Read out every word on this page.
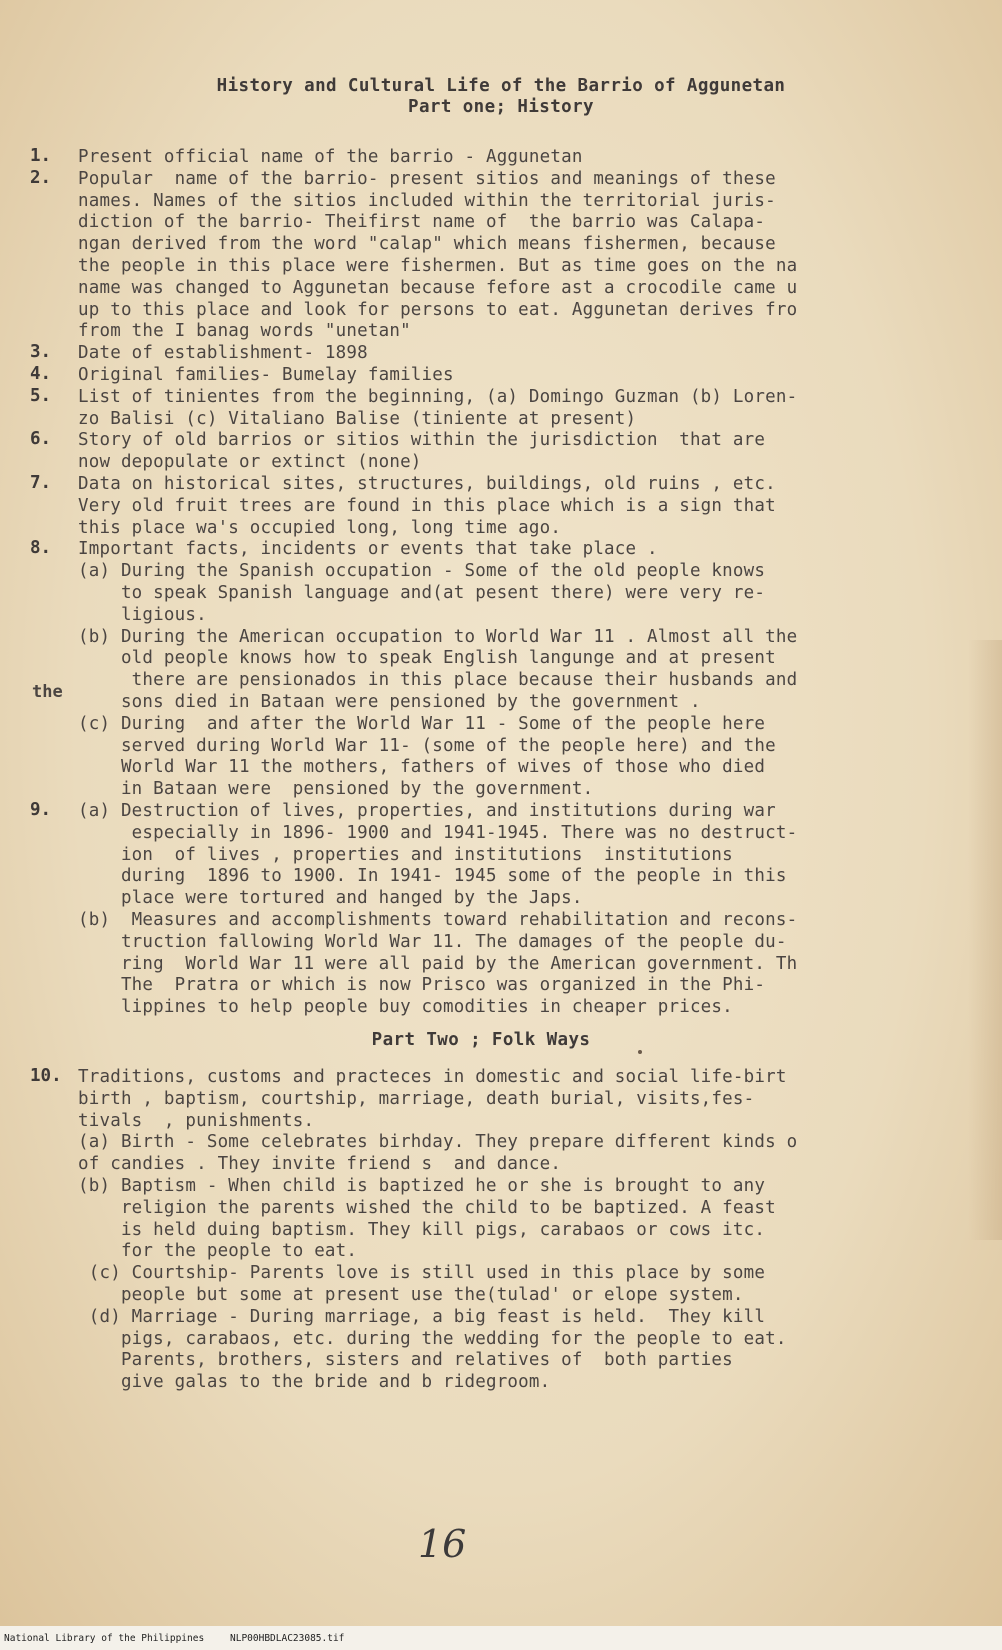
History and Cultural Life of the Barrio of Aggunetan
Part one; History
1. Present official name of the barrio - Aggunetan
2. Popular  name of the barrio- present sitios and meanings of these
names. Names of the sitios included within the territorial juris-
diction of the barrio- Theifirst name of  the barrio was Calapa-
ngan derived from the word "calap" which means fishermen, because
the people in this place were fishermen. But as time goes on the na
name was changed to Aggunetan because fefore ast a crocodile came u
up to this place and look for persons to eat. Aggunetan derives fro
from the I banag words "unetan"
3. Date of establishment- 1898
4. Original families- Bumelay families
5. List of tinientes from the beginning, (a) Domingo Guzman (b) Loren-
zo Balisi (c) Vitaliano Balise (tiniente at present)
6. Story of old barrios or sitios within the jurisdiction  that are
now depopulate or extinct (none)
7. Data on historical sites, structures, buildings, old ruins , etc.
Very old fruit trees are found in this place which is a sign that
this place wa's occupied long, long time ago.
8. Important facts, incidents or events that take place .
(a) During the Spanish occupation - Some of the old people knows
to speak Spanish language and(at pesent there) were very re-
ligious.
(b) During the American occupation to World War 11 . Almost all the
old people knows how to speak English langunge and at present
there are pensionados in this place because their husbands and
sons died in Bataan were pensioned by the government .
(c) During  and after the World War 11 - Some of the people here
served during World War 11- (some of the people here) and the
World War 11 the mothers, fathers of wives of those who died
in Bataan were  pensioned by the government.
9. (a) Destruction of lives, properties, and institutions during war
especially in 1896- 1900 and 1941-1945. There was no destruct-
ion  of lives , properties and institutions  institutions
during  1896 to 1900. In 1941- 1945 some of the people in this
place were tortured and hanged by the Japs.
(b)  Measures and accomplishments toward rehabilitation and recons-
truction fallowing World War 11. The damages of the people du-
ring  World War 11 were all paid by the American government. Th
The  Pratra or which is now Prisco was organized in the Phi-
lippines to help people buy comodities in cheaper prices.
Part Two ; Folk Ways
10. Traditions, customs and practeces in domestic and social life-birt
birth , baptism, courtship, marriage, death burial, visits,fes-
tivals  , punishments.
(a) Birth - Some celebrates birhday. They prepare different kinds o
of candies . They invite friend s  and dance.
(b) Baptism - When child is baptized he or she is brought to any
religion the parents wished the child to be baptized. A feast
is held duing baptism. They kill pigs, carabaos or cows itc.
for the people to eat.
(c) Courtship- Parents love is still used in this place by some
people but some at present use the(tulad' or elope system.
(d) Marriage - During marriage, a big feast is held.  They kill
pigs, carabaos, etc. during the wedding for the people to eat.
Parents, brothers, sisters and relatives of  both parties
give galas to the bride and b ridegroom.
the
16
National Library of the Philippines	NLP00HBDLAC23085.tif
